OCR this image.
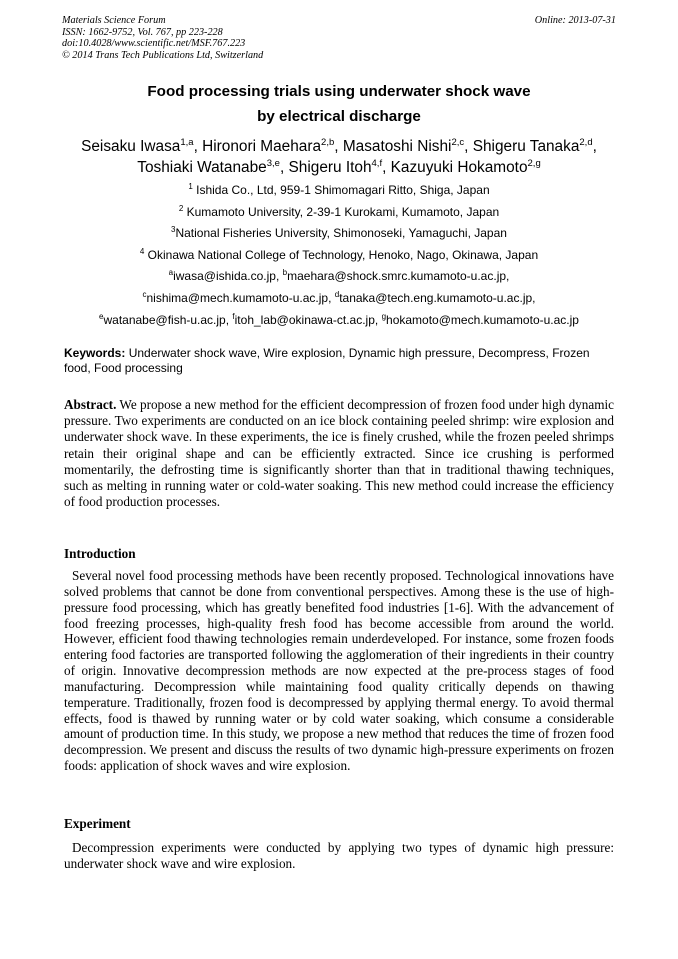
Materials Science Forum
ISSN: 1662-9752, Vol. 767, pp 223-228
doi:10.4028/www.scientific.net/MSF.767.223
© 2014 Trans Tech Publications Ltd, Switzerland
Online: 2013-07-31
Food processing trials using underwater shock wave
by electrical discharge
Seisaku Iwasa$^{1,a}$, Hironori Maehara$^{2,b}$, Masatoshi Nishi$^{2,c}$, Shigeru Tanaka$^{2,d}$,
Toshiaki Watanabe$^{3,e}$, Shigeru Itoh$^{4,f}$, Kazuyuki Hokamoto$^{2,g}$
$^1$ Ishida Co., Ltd, 959-1 Shimomagari Ritto, Shiga, Japan
$^2$ Kumamoto University, 2-39-1 Kurokami, Kumamoto, Japan
$^3$National Fisheries University, Shimonoseki, Yamaguchi, Japan
$^4$ Okinawa National College of Technology, Henoko, Nago, Okinawa, Japan
$^a$iwasa@ishida.co.jp, $^b$maehara@shock.smrc.kumamoto-u.ac.jp,
$^c$nishima@mech.kumamoto-u.ac.jp, $^d$tanaka@tech.eng.kumamoto-u.ac.jp,
$^e$watanabe@fish-u.ac.jp, $^f$itoh_lab@okinawa-ct.ac.jp, $^g$hokamoto@mech.kumamoto-u.ac.jp
Keywords: Underwater shock wave, Wire explosion, Dynamic high pressure, Decompress, Frozen food, Food processing
Abstract. We propose a new method for the efficient decompression of frozen food under high dynamic pressure. Two experiments are conducted on an ice block containing peeled shrimp: wire explosion and underwater shock wave. In these experiments, the ice is finely crushed, while the frozen peeled shrimps retain their original shape and can be efficiently extracted. Since ice crushing is performed momentarily, the defrosting time is significantly shorter than that in traditional thawing techniques, such as melting in running water or cold-water soaking. This new method could increase the efficiency of food production processes.
Introduction
Several novel food processing methods have been recently proposed. Technological innovations have solved problems that cannot be done from conventional perspectives. Among these is the use of high-pressure food processing, which has greatly benefited food industries [1-6]. With the advancement of food freezing processes, high-quality fresh food has become accessible from around the world. However, efficient food thawing technologies remain underdeveloped. For instance, some frozen foods entering food factories are transported following the agglomeration of their ingredients in their country of origin. Innovative decompression methods are now expected at the pre-process stages of food manufacturing. Decompression while maintaining food quality critically depends on thawing temperature. Traditionally, frozen food is decompressed by applying thermal energy. To avoid thermal effects, food is thawed by running water or by cold water soaking, which consume a considerable amount of production time. In this study, we propose a new method that reduces the time of frozen food decompression. We present and discuss the results of two dynamic high-pressure experiments on frozen foods: application of shock waves and wire explosion.
Experiment
Decompression experiments were conducted by applying two types of dynamic high pressure: underwater shock wave and wire explosion.
